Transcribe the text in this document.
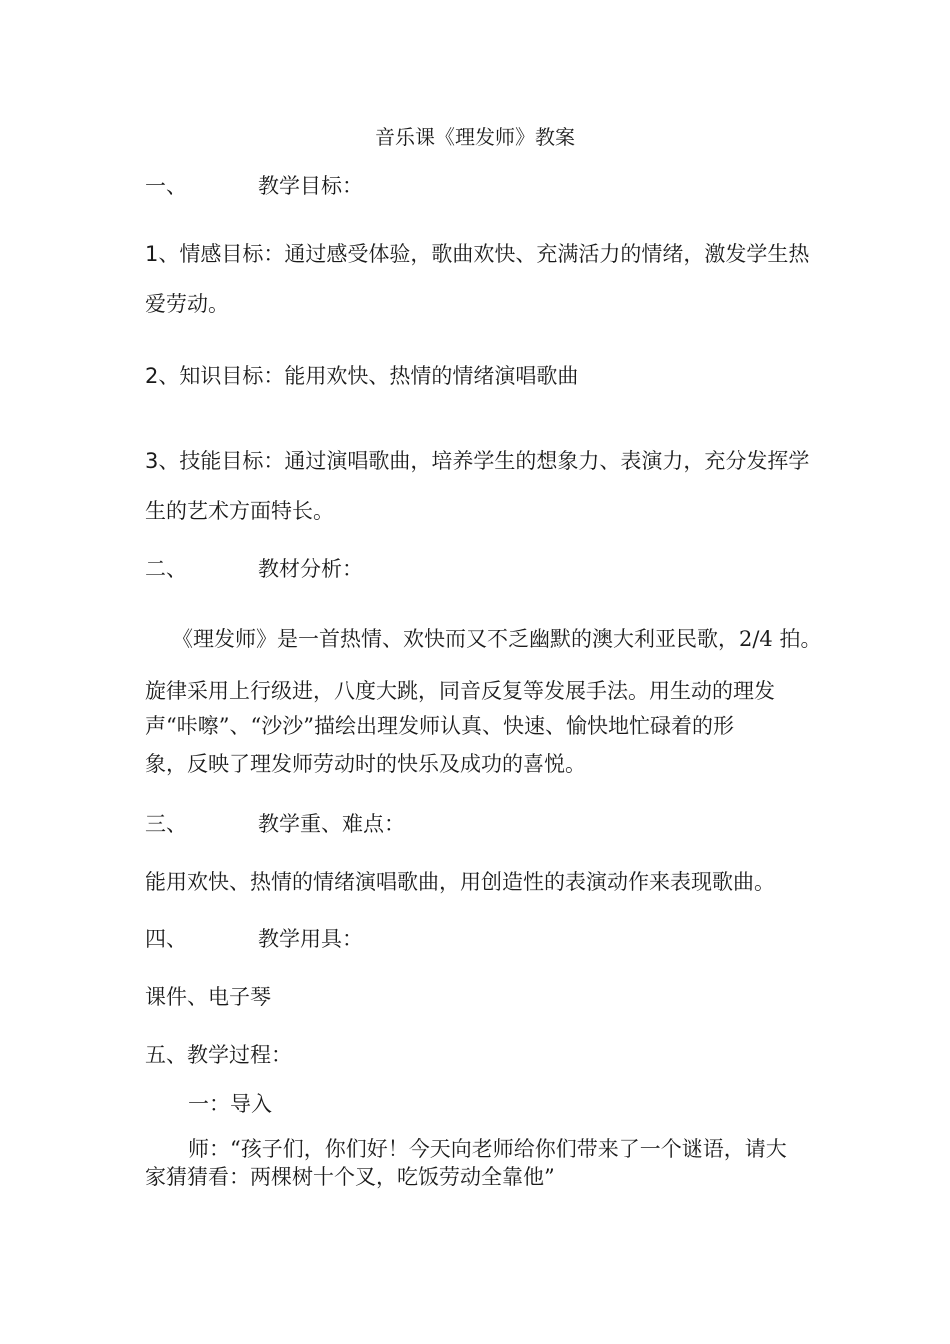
音乐课《理发师》教案
一、	教学目标：
1、情感目标：通过感受体验，歌曲欢快、充满活力的情绪，激发学生热
爱劳动。
2、知识目标：能用欢快、热情的情绪演唱歌曲
3、技能目标：通过演唱歌曲，培养学生的想象力、表演力，充分发挥学
生的艺术方面特长。
二、	教材分析：
《理发师》是一首热情、欢快而又不乏幽默的澳大利亚民歌，2/4 拍。
旋律采用上行级进，八度大跳，同音反复等发展手法。用生动的理发
声“咔嚓”、“沙沙”描绘出理发师认真、快速、愉快地忙碌着的形
象，反映了理发师劳动时的快乐及成功的喜悦。
三、	教学重、难点：
能用欢快、热情的情绪演唱歌曲，用创造性的表演动作来表现歌曲。
四、	教学用具：
课件、电子琴
五、教学过程：
一：导入
师：“孩子们，你们好！今天向老师给你们带来了一个谜语，请大
家猜猜看：两棵树十个叉，吃饭劳动全靠他”
